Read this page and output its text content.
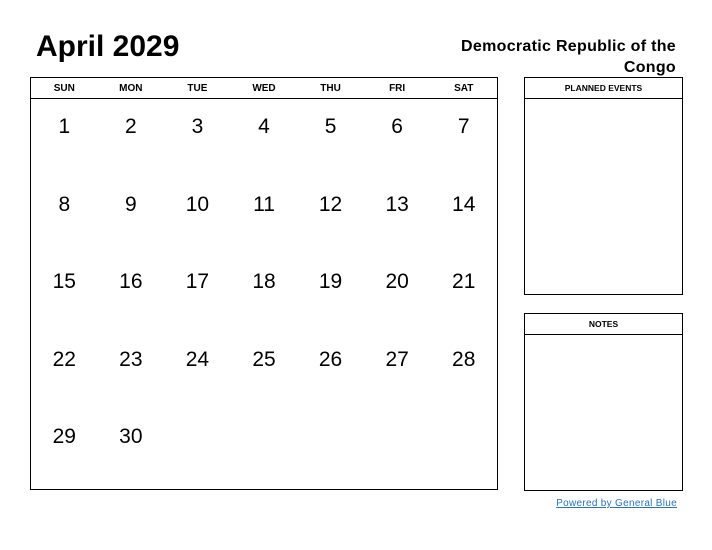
April 2029	Democratic Republic of the Congo
SUN	MON	TUE	WED	THU	FRI	SAT
1	2	3	4	5	6	7
8	9	10	11	12	13	14
15	16	17	18	19	20	21
22	23	24	25	26	27	28
29	30
PLANNED EVENTS
NOTES
Powered by General Blue
